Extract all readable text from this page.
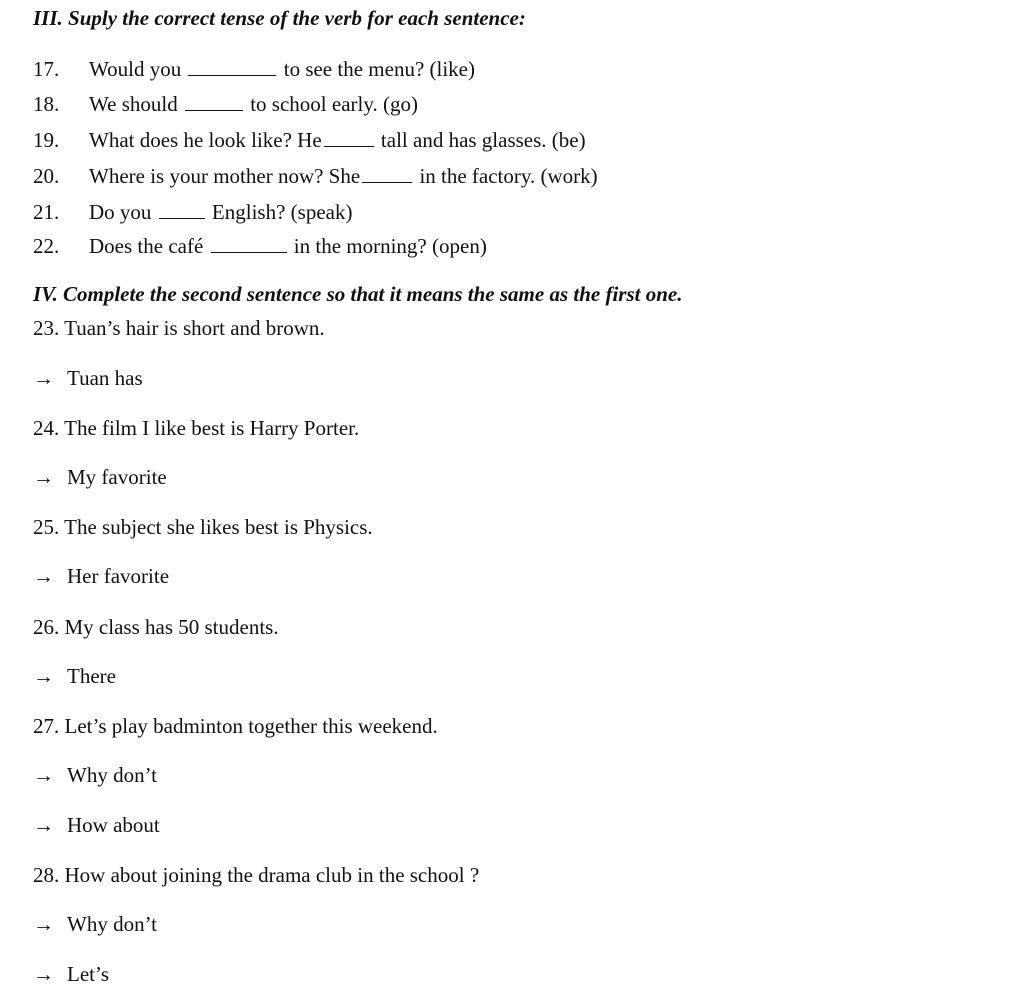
III. Suply the correct tense of the verb for each sentence:
17. Would you	to see the menu? (like)
18. We should	to school early. (go)
19. What does he look like? He	tall and has glasses. (be)
20. Where is your mother now? She	in the factory. (work)
21. Do you	English? (speak)
22. Does the café	in the morning? (open)
IV. Complete the second sentence so that it means the same as the first one.
23. Tuan’s hair is short and brown.
→ Tuan has
24. The film I like best is Harry Porter.
→ My favorite
25. The subject she likes best is Physics.
→ Her favorite
26. My class has 50 students.
→ There
27. Let’s play badminton together this weekend.
→ Why don’t
→ How about
28. How about joining the drama club in the school ?
→ Why don’t
→ Let’s
